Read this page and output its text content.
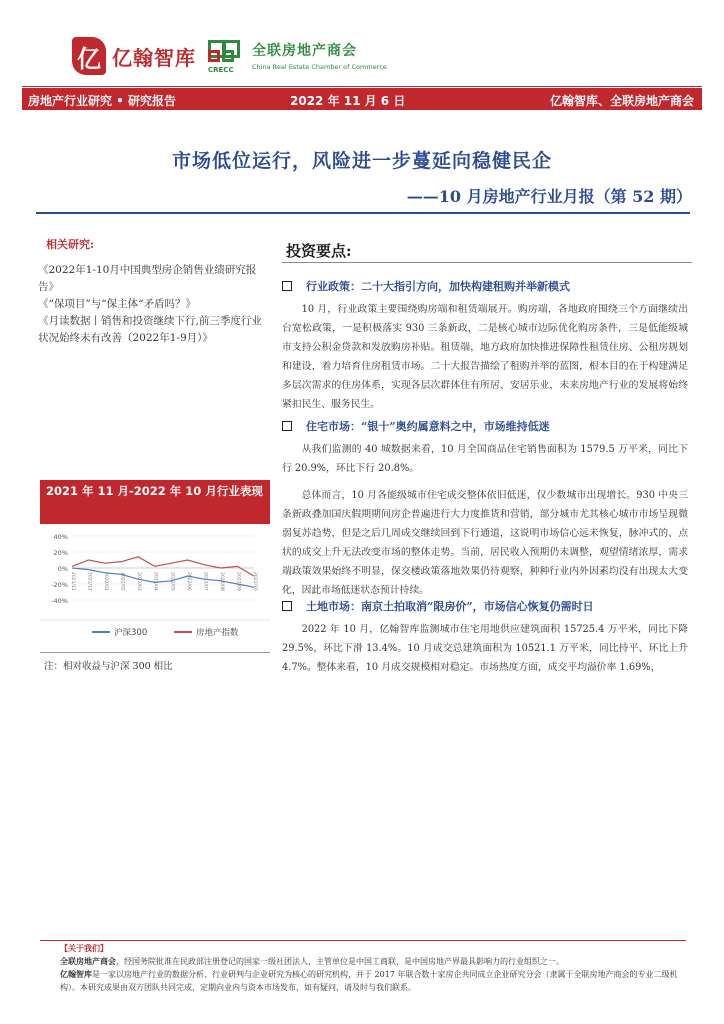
亿 亿翰智库
CRECC
全联房地产商会
China Real Estate Chamber of Commerce
房地产行业研究 • 研究报告	2022 年 11 月 6 日	亿翰智库、全联房地产商会
市场低位运行，风险进一步蔓延向稳健民企
——10 月房地产行业月报（第 52 期）
相关研究:

《2022年1-10月中国典型房企销售业绩研究报告》

《“保项目”与“保主体“矛盾吗？》

《月读数据丨销售和投资继续下行,前三季度行业状况始终未有改善（2022年1-9月）》

2021 年 11 月-2022 年 10 月行业表现
40%
20%
0%
-20%
-40%
2021/11	2021/12	2022/01	2022/02	2022/03	2022/04	2022/05	2022/06	2022/07	2022/08	2022/09	2022/10
沪深300	房地产指数
注：相对收益与沪深 300 相比
投资要点:
行业政策：二十大指引方向，加快构建租购并举新模式

10 月，行业政策主要围绕购房端和租赁端展开。购房端，各地政府围绕三个方面继续出台宽松政策，一是积极落实 930 三条新政，二是核心城市边际优化购房条件，三是低能级城市支持公积金贷款和发放购房补贴。租赁端，地方政府加快推进保障性租赁住房、公租房规划和建设，着力培育住房租赁市场。二十大报告描绘了租购并举的蓝图，根本目的在于构建满足多层次需求的住房体系，实现各层次群体住有所居、安居乐业，未来房地产行业的发展将始终紧扣民生、服务民生。

住宅市场：“银十”奥约属意料之中，市场维持低迷

从我们监测的 40 城数据来看，10 月全国商品住宅销售面积为 1579.5 万平米，同比下行 20.9%，环比下行 20.8%。

总体而言，10 月各能级城市住宅成交整体依旧低迷，仅少数城市出现增长。930 中央三条新政叠加国庆假期期间房企普遍进行大力度推货和营销，部分城市尤其核心城市市场呈现微弱复苏趋势，但是之后几周成交继续回到下行通道，这说明市场信心远未恢复，脉冲式的、点状的成交上升无法改变市场的整体走势。当前，居民收入预期仍未调整，观望情绪浓厚，需求端政策效果始终不明显，保交楼政策落地效果仍待观察，种种行业内外因素均没有出现太大变化，因此市场低迷状态预计持续。

土地市场：南京土拍取消“限房价”，市场信心恢复仍需时日

2022 年 10 月，亿翰智库监测城市住宅用地供应建筑面积 15725.4 万平米，同比下降 29.5%，环比下滑 13.4%。10 月成交总建筑面积为 10521.1 万平米，同比持平、环比上升 4.7%。整体来看，10 月成交规模相对稳定。市场热度方面，成交平均溢价率 1.69%，

【关于我们】

全联房地产商会，经国务院批准在民政部注册登记的国家一级社团法人，主管单位是中国工商联，是中国房地产界最具影响力的行业组织之一。

亿翰智库是一家以房地产行业的数据分析、行业研判与企业研究为核心的研究机构，并于 2017 年联合数十家房企共同成立企业研究分会（隶属于全联房地产商会的专业二级机构）。本研究成果由双方团队共同完成，定期向业内与资本市场发布，如有疑问，请及时与我们联系。
